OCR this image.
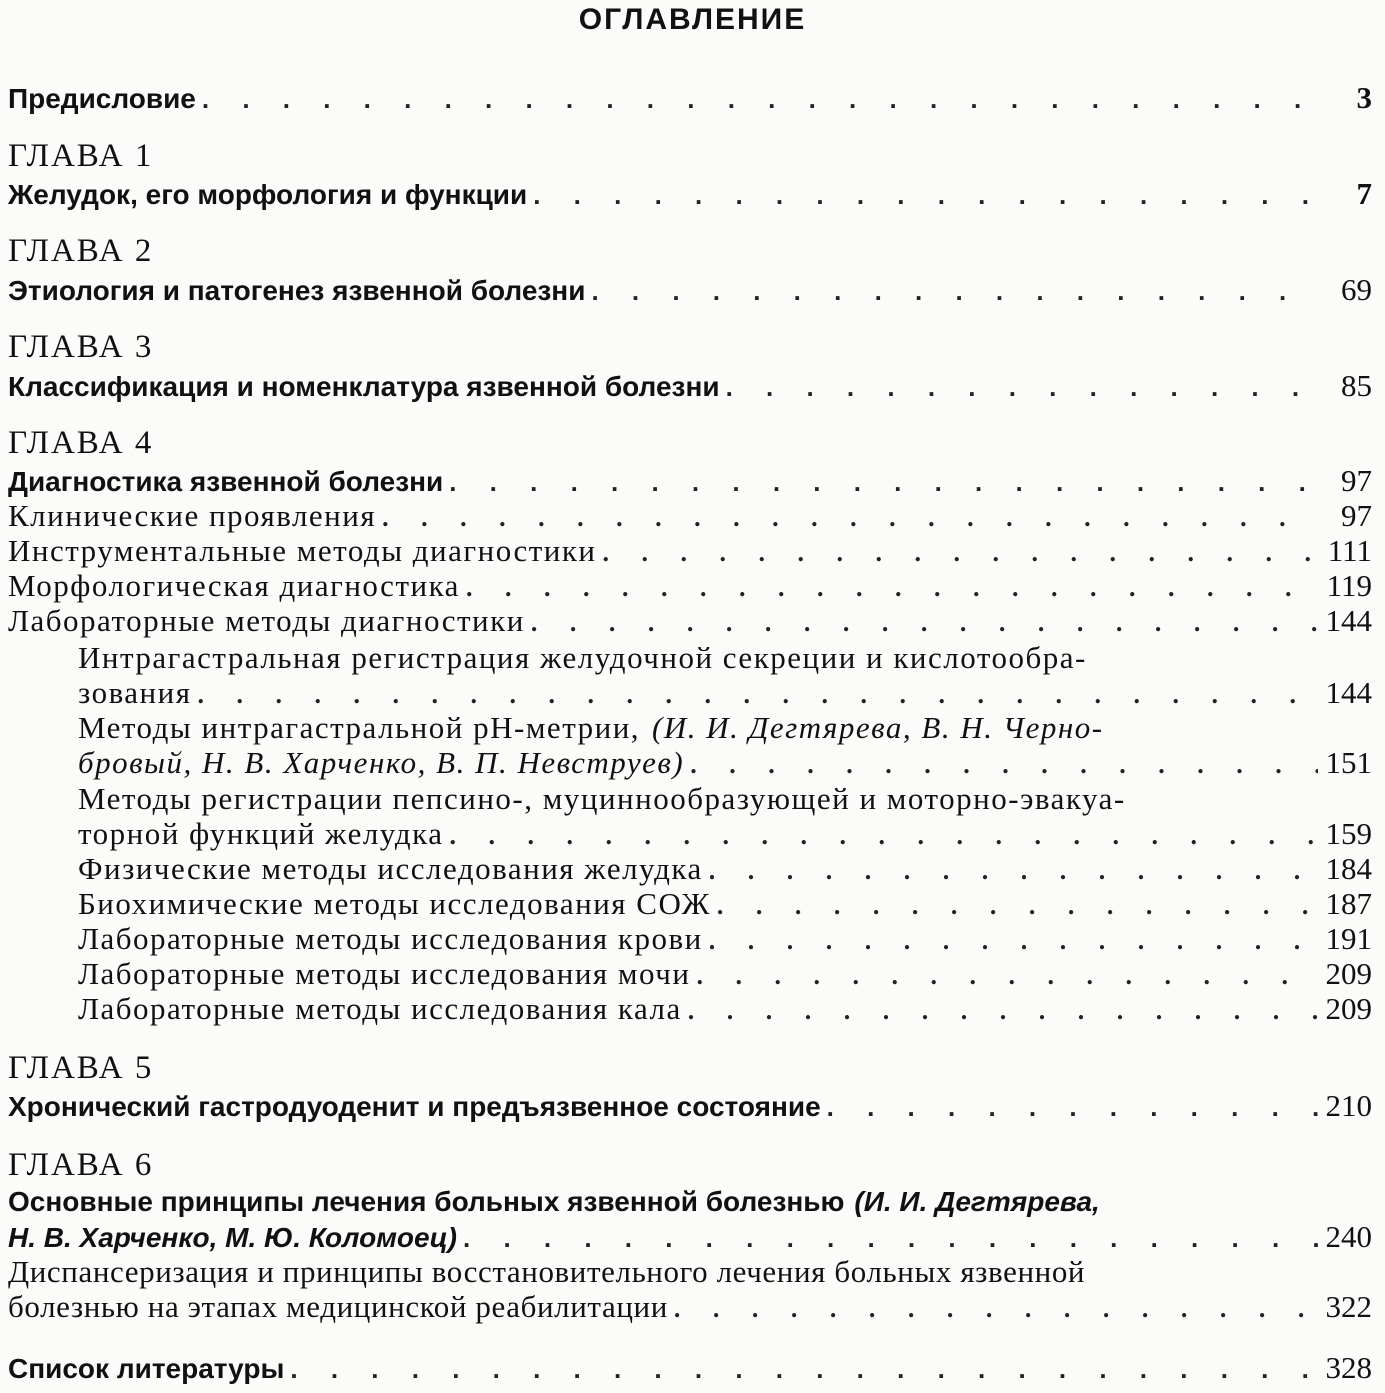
ОГЛАВЛЕНИЕ
Предисловие . . .	3
ГЛАВА 1
Желудок, его морфология и функции . . .	7
ГЛАВА 2
Этиология и патогенез язвенной болезни . . .	69
ГЛАВА 3
Классификация и номенклатура язвенной болезни . . .	85
ГЛАВА 4
Диагностика язвенной болезни . . .	97
Клинические проявления . . .	97
Инструментальные методы диагностики . . .	111
Морфологическая диагностика . . .	119
Лабораторные методы диагностики . . .	144
Интрагастральная регистрация желудочной секреции и кислотообра-
зования . . .	144
Методы интрагастральной рН-метрии, (И. И. Дегтярева, В. Н. Черно-
бровый, Н. В. Харченко, В. П. Невструев) . . .	151
Методы регистрации пепсино-, муциннообразующей и моторно-эвакуа-
торной функций желудка . . .	159
Физические методы исследования желудка . . .	184
Биохимические методы исследования СОЖ . . .	187
Лабораторные методы исследования крови . . .	191
Лабораторные методы исследования мочи . . .	209
Лабораторные методы исследования кала . . .	209
ГЛАВА 5
Хронический гастродуоденит и предъязвенное состояние . . .	210
ГЛАВА 6
Основные принципы лечения больных язвенной болезнью (И. И. Дегтярева,
Н. В. Харченко, М. Ю. Коломоец) . . .	240
Диспансеризация и принципы восстановительного лечения больных язвенной
болезнью на этапах медицинской реабилитации . . .	322
Список литературы . . .	328
